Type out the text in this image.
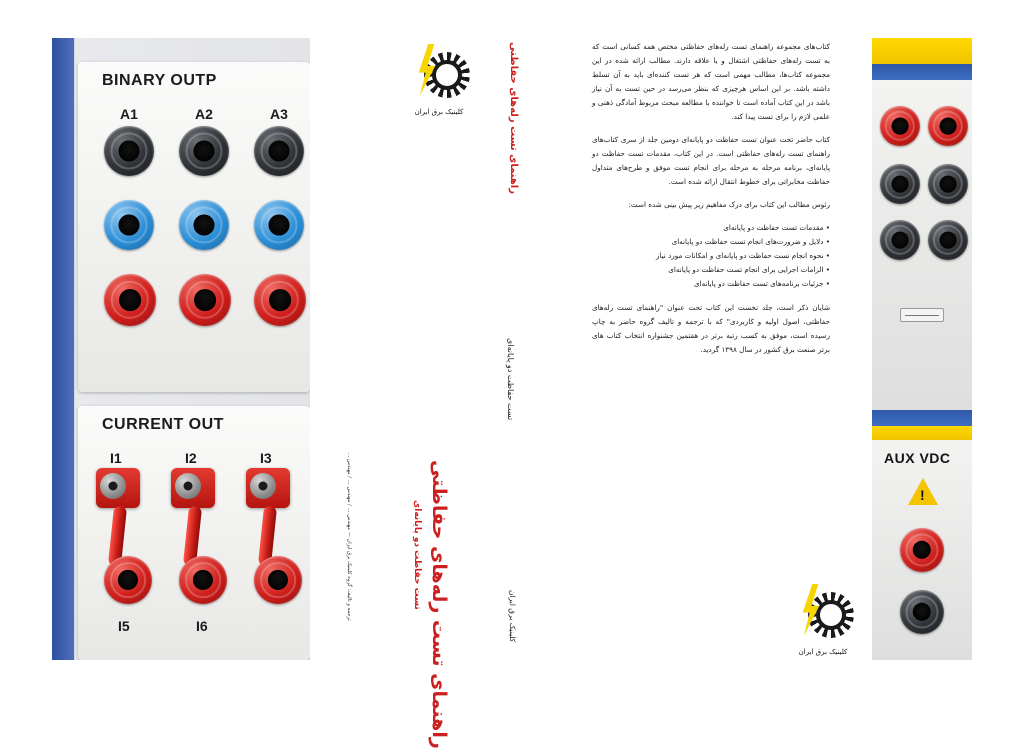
BINARY OUTP
A1	A2	A3
CURRENT OUT
I1	I2	I3
I5	I6

کتاب‌های مجموعه راهنمای تست رله‌های حفاظتی مختص همه کسانی است که به تست رله‌های حفاظتی اشتغال و یا علاقه دارند. مطالب ارائه شده در این مجموعه کتاب‌ها، مطالب مهمی است که هر تست کننده‌ای باید به آن تسلط داشته باشد. بر این اساس هرچیزی که بنظر می‌رسد در حین تست به آن نیاز باشد در این کتاب آماده است تا خواننده با مطالعه مبحث مربوط آمادگی ذهنی و علمی لازم را برای تست پیدا کند.

کتاب حاضر تحت عنوان تست حفاظت دو پایانه‌ای دومین جلد از سری کتاب‌های راهنمای تست رله‌های حفاظتی است. در این کتاب، مقدمات تست حفاظت دو پایانه‌ای، برنامه مرحله به مرحله برای انجام تست موفق و طرح‌های متداول حفاظت مخابراتی برای خطوط انتقال ارائه شده است.

رئوس مطالب این کتاب برای درک مفاهیم زیر پیش بینی شده است:

• مقدمات تست حفاظت دو پایانه‌ای
• دلایل و ضرورت‌های انجام تست حفاظت دو پایانه‌ای
• نحوه انجام تست حفاظت دو پایانه‌ای و امکانات مورد نیاز
• الزامات اجرایی برای انجام تست حفاظت دو پایانه‌ای
• جزئیات برنامه‌های تست حفاظت دو پایانه‌ای

شایان ذکر است، جلد نخست این کتاب تحت عنوان "راهنمای تست رله‌های حفاظتی، اصول اولیه و کاربردی" که با ترجمه و تالیف گروه حاضر به چاپ رسیده است، موفق به کسب رتبه برتر در هفتمین جشنواره انتخاب کتاب های برتر صنعت برق کشور در سال ۱۳۹۸ گردید.

کلینیک برق ایران	راهنمای تست رله‌های حفاظتی
تست حفاظت دو پایانه‌ای
کلینیک برق ایران
راهنمای تست رله‌های حفاظتی
تست حفاظت دو پایانه‌ای
ترجمه و تالیف: گروه کلینیک برق ایران — مهندس … / مهندس … / مهندس …
کلینیک برق ایران
AUX VDC
!
